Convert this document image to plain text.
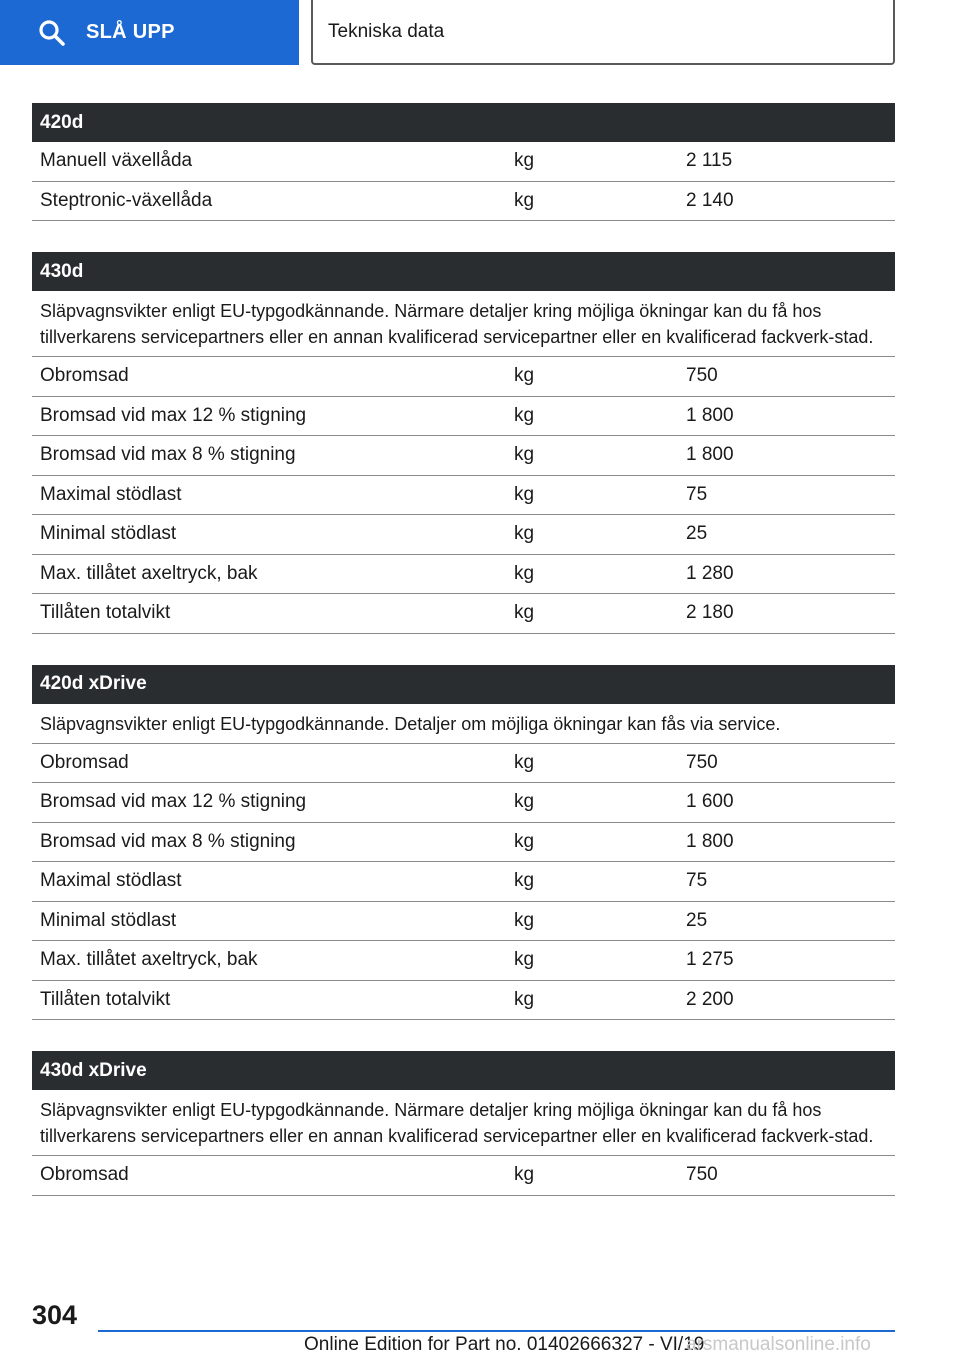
SLÅ UPP	Tekniska data
420d
Manuell växellåda	kg	2 115
Steptronic-växellåda	kg	2 140
430d
Släpvagnsvikter enligt EU-typgodkännande. Närmare detaljer kring möjliga ökningar kan du få hos tillverkarens servicepartners eller en annan kvalificerad servicepartner eller en kvalificerad fackverk-stad.
Obromsad	kg	750
Bromsad vid max 12 % stigning	kg	1 800
Bromsad vid max 8 % stigning	kg	1 800
Maximal stödlast	kg	75
Minimal stödlast	kg	25
Max. tillåtet axeltryck, bak	kg	1 280
Tillåten totalvikt	kg	2 180
420d xDrive
Släpvagnsvikter enligt EU-typgodkännande. Detaljer om möjliga ökningar kan fås via service.
Obromsad	kg	750
Bromsad vid max 12 % stigning	kg	1 600
Bromsad vid max 8 % stigning	kg	1 800
Maximal stödlast	kg	75
Minimal stödlast	kg	25
Max. tillåtet axeltryck, bak	kg	1 275
Tillåten totalvikt	kg	2 200
430d xDrive
Släpvagnsvikter enligt EU-typgodkännande. Närmare detaljer kring möjliga ökningar kan du få hos tillverkarens servicepartners eller en annan kvalificerad servicepartner eller en kvalificerad fackverk-stad.
Obromsad	kg	750
304
Online Edition for Part no. 01402666327 - VI/19
arsmanualsonline.info
